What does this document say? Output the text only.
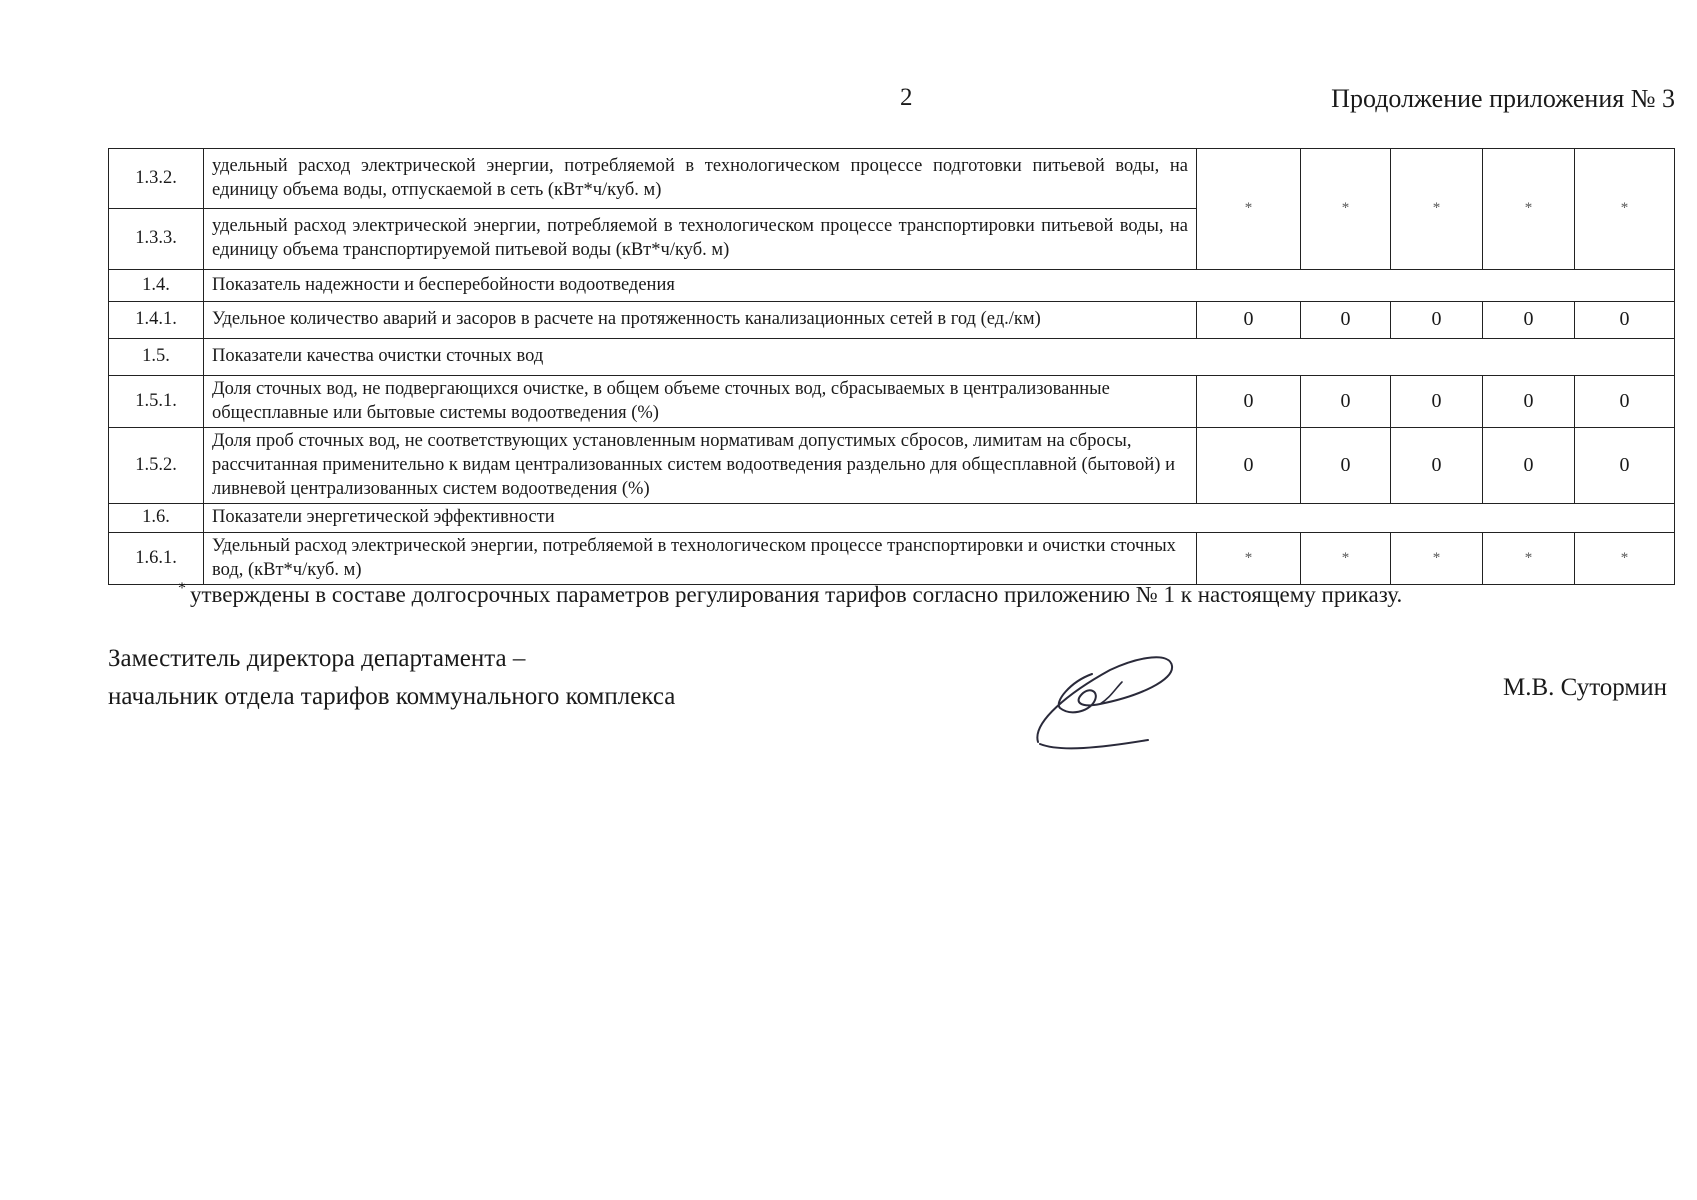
2	Продолжение приложения № 3
1.3.2.	удельный расход электрической энергии, потребляемой в технологическом процессе подготовки питьевой воды, на единицу объема воды, отпускаемой в сеть (кВт*ч/куб. м)	*	*	*	*	*
1.3.3.	удельный расход электрической энергии, потребляемой в технологическом процессе транспортировки питьевой воды, на единицу объема транспортируемой питьевой воды (кВт*ч/куб. м)					
1.4.	Показатель надежности и бесперебойности водоотведения					
1.4.1.	Удельное количество аварий и засоров в расчете на протяженность канализационных сетей в год (ед./км)	0	0	0	0	0
1.5.	Показатели качества очистки сточных вод					
1.5.1.	Доля сточных вод, не подвергающихся очистке, в общем объеме сточных вод, сбрасываемых в централизованные общесплавные или бытовые системы водоотведения (%)	0	0	0	0	0
1.5.2.	Доля проб сточных вод, не соответствующих установленным нормативам допустимых сбросов, лимитам на сбросы, рассчитанная применительно к видам централизованных систем водоотведения раздельно для общесплавной (бытовой) и ливневой централизованных систем водоотведения (%)	0	0	0	0	0
1.6.	Показатели энергетической эффективности					
1.6.1.	Удельный расход электрической энергии, потребляемой в технологическом процессе транспортировки и очистки сточных вод, (кВт*ч/куб. м)	*	*	*	*	*
* утверждены в составе долгосрочных параметров регулирования тарифов согласно приложению № 1 к настоящему приказу.
Заместитель директора департамента –
начальник отдела тарифов коммунального комплекса	М.В. Сутормин
